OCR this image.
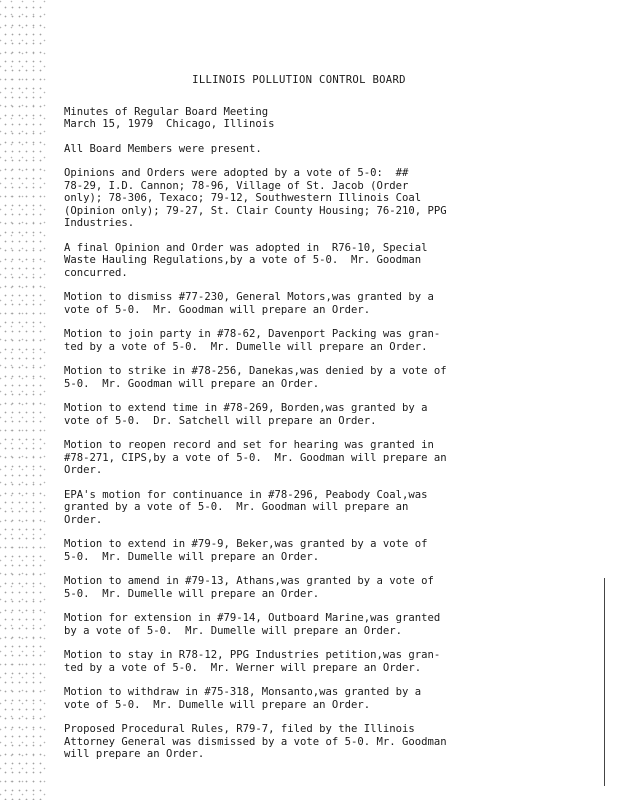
ILLINOIS POLLUTION CONTROL BOARD
Minutes of Regular Board Meeting
March 15, 1979  Chicago, Illinois
All Board Members were present.
Opinions and Orders were adopted by a vote of 5-0:  ##
78-29, I.D. Cannon; 78-96, Village of St. Jacob (Order
only); 78-306, Texaco; 79-12, Southwestern Illinois Coal
(Opinion only); 79-27, St. Clair County Housing; 76-210, PPG
Industries.
A final Opinion and Order was adopted in  R76-10, Special
Waste Hauling Regulations,by a vote of 5-0.  Mr. Goodman
concurred.
Motion to dismiss #77-230, General Motors,was granted by a
vote of 5-0.  Mr. Goodman will prepare an Order.
Motion to join party in #78-62, Davenport Packing was gran-
ted by a vote of 5-0.  Mr. Dumelle will prepare an Order.
Motion to strike in #78-256, Danekas,was denied by a vote of
5-0.  Mr. Goodman will prepare an Order.
Motion to extend time in #78-269, Borden,was granted by a
vote of 5-0.  Dr. Satchell will prepare an Order.
Motion to reopen record and set for hearing was granted in
#78-271, CIPS,by a vote of 5-0.  Mr. Goodman will prepare an
Order.
EPA's motion for continuance in #78-296, Peabody Coal,was
granted by a vote of 5-0.  Mr. Goodman will prepare an
Order.
Motion to extend in #79-9, Beker,was granted by a vote of
5-0.  Mr. Dumelle will prepare an Order.
Motion to amend in #79-13, Athans,was granted by a vote of
5-0.  Mr. Dumelle will prepare an Order.
Motion for extension in #79-14, Outboard Marine,was granted
by a vote of 5-0.  Mr. Dumelle will prepare an Order.
Motion to stay in R78-12, PPG Industries petition,was gran-
ted by a vote of 5-0.  Mr. Werner will prepare an Order.
Motion to withdraw in #75-318, Monsanto,was granted by a
vote of 5-0.  Mr. Dumelle will prepare an Order.
Proposed Procedural Rules, R79-7, filed by the Illinois
Attorney General was dismissed by a vote of 5-0. Mr. Goodman
will prepare an Order.
